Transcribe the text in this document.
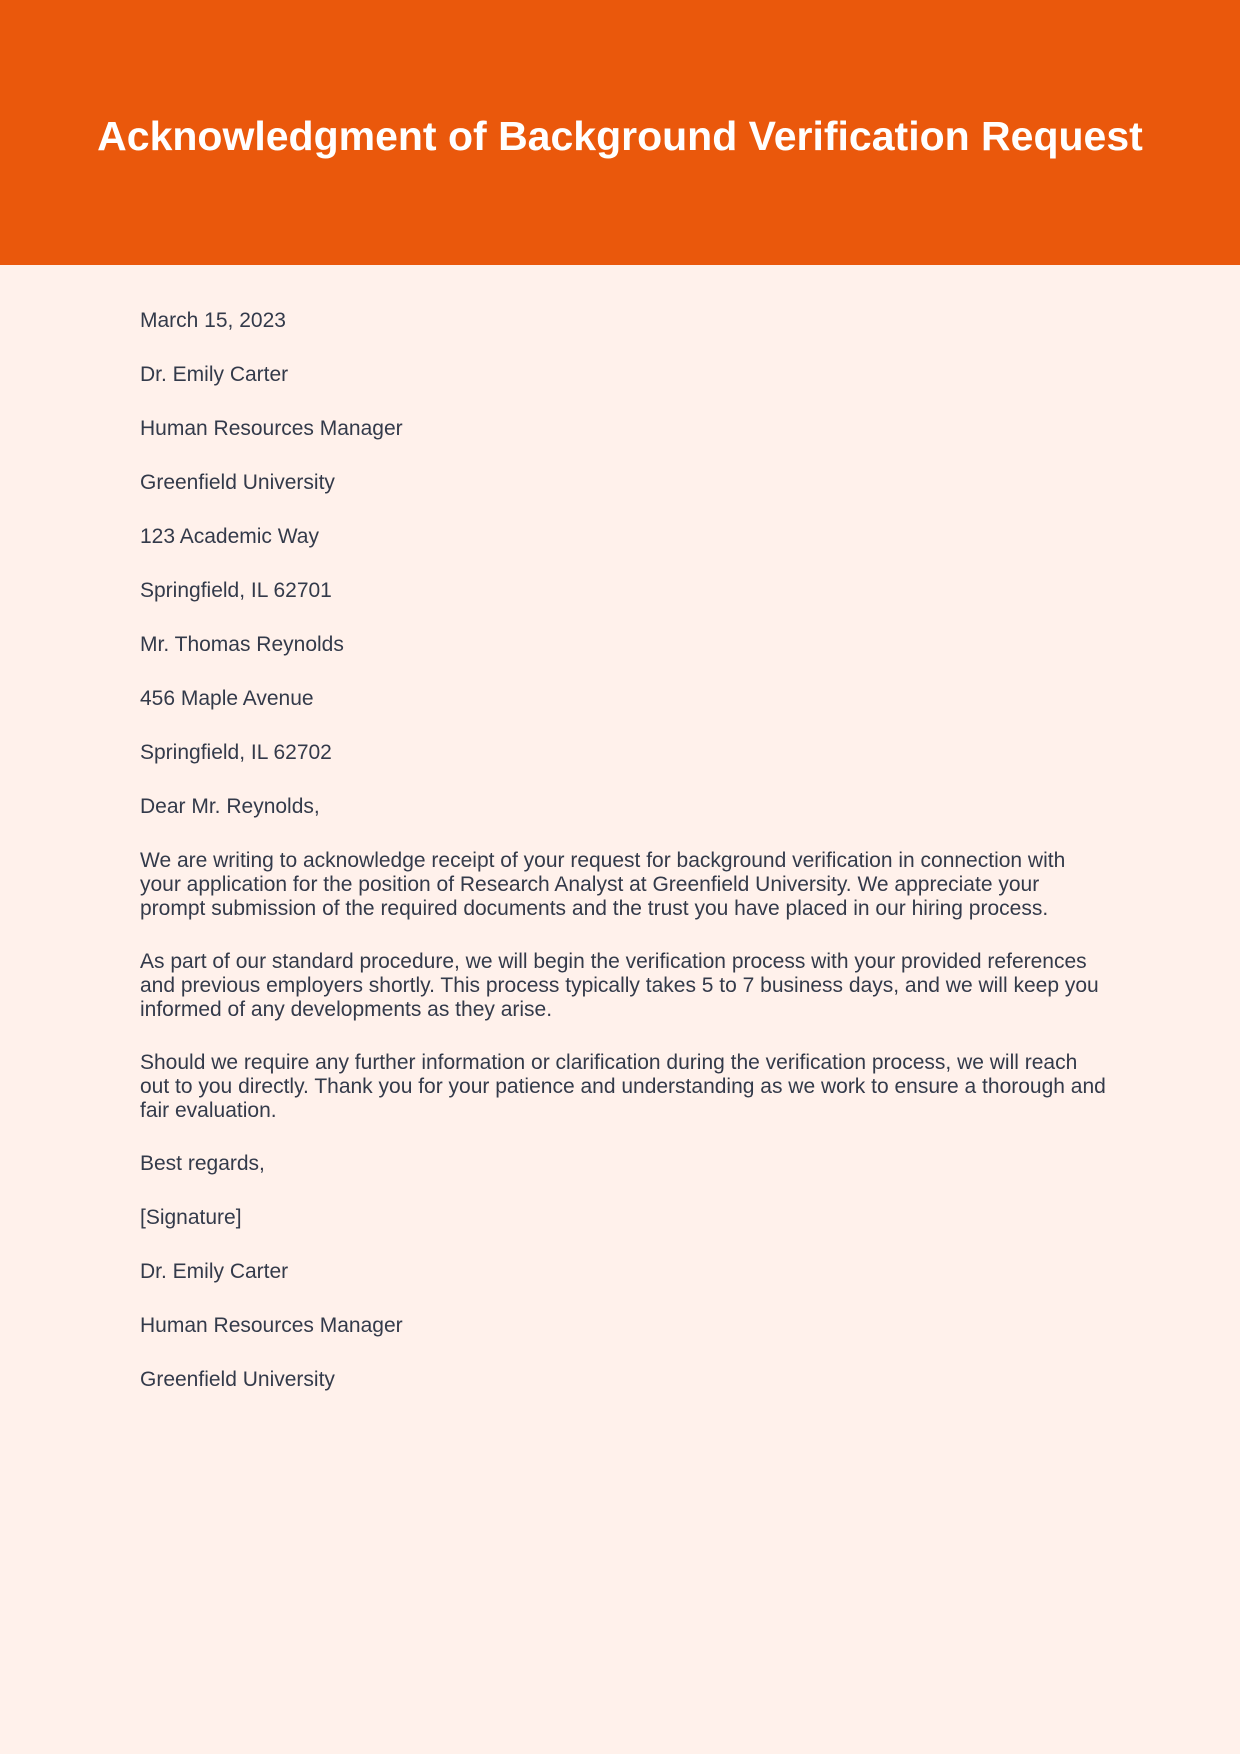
Acknowledgment of Background Verification Request

March 15, 2023

Dr. Emily Carter

Human Resources Manager

Greenfield University

123 Academic Way

Springfield, IL 62701

Mr. Thomas Reynolds

456 Maple Avenue

Springfield, IL 62702

Dear Mr. Reynolds,

We are writing to acknowledge receipt of your request for background verification in connection with your application for the position of Research Analyst at Greenfield University. We appreciate your prompt submission of the required documents and the trust you have placed in our hiring process.

As part of our standard procedure, we will begin the verification process with your provided references and previous employers shortly. This process typically takes 5 to 7 business days, and we will keep you informed of any developments as they arise.

Should we require any further information or clarification during the verification process, we will reach out to you directly. Thank you for your patience and understanding as we work to ensure a thorough and fair evaluation.

Best regards,

[Signature]

Dr. Emily Carter

Human Resources Manager

Greenfield University
